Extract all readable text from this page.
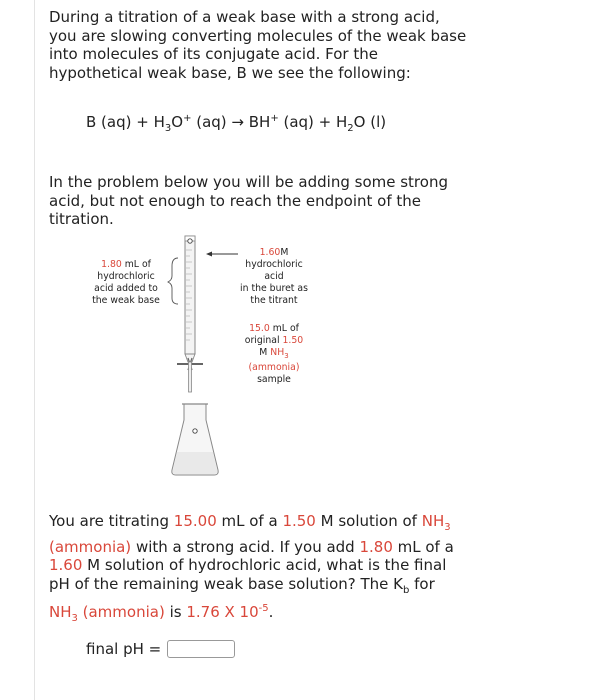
During a titration of a weak base with a strong acid,
you are slowing converting molecules of the weak base
into molecules of its conjugate acid. For the
hypothetical weak base, B we see the following:
B $(aq) + H_3O^+$ (aq) → BH+ $(aq) + H_2O$ (l)
In the problem below you will be adding some strong
acid, but not enough to reach the endpoint of the
titration.
1.80 mL of
hydrochloric
acid added to
the weak base
1.60M
hydrochloric
acid
in the buret as
the titrant
15.0 mL of
original 1.50
M $NH_3$
(ammonia)
sample
You are titrating 15.00 mL of a 1.50 M solution of $NH_3$
(ammonia) with a strong acid. If you add 1.80 mL of a
1.60 M solution of hydrochloric acid, what is the final
pH of the remaining weak base solution? The $K_b$ for
$NH_3$ (ammonia) is 1.76 X $10^{-5}$.
final pH =
